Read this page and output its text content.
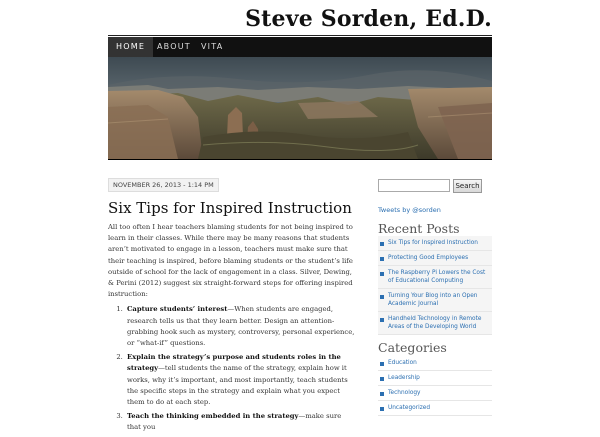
Steve Sorden, Ed.D.
HOME	ABOUT	VITA
NOVEMBER 26, 2013 - 1:14 PM
Six Tips for Inspired Instruction

All too often I hear teachers blaming students for not being inspired to learn in their classes. While there may be many reasons that students aren’t motivated to engage in a lesson, teachers must make sure that their teaching is inspired, before blaming students or the student’s life outside of school for the lack of engagement in a class. Silver, Dewing, & Perini (2012) suggest six straight-forward steps for offering inspired instruction:

1. Capture students’ interest—When students are engaged, research tells us that they learn better. Design an attention-grabbing hook such as mystery, controversy, personal experience, or “what-if” questions.
2. Explain the strategy’s purpose and students roles in the strategy—tell students the name of the strategy, explain how it works, why it’s important, and most importantly, teach students the specific steps in the strategy and explain what you expect them to do at each step.
3. Teach the thinking embedded in the strategy—make sure that you
Search
Tweets by @sorden
Recent Posts
Six Tips for Inspired Instruction
Protecting Good Employees
The Raspberry Pi Lowers the Cost of Educational Computing
Turning Your Blog into an Open Academic Journal
Handheld Technology in Remote Areas of the Developing World
Categories
Education
Leadership
Technology
Uncategorized
